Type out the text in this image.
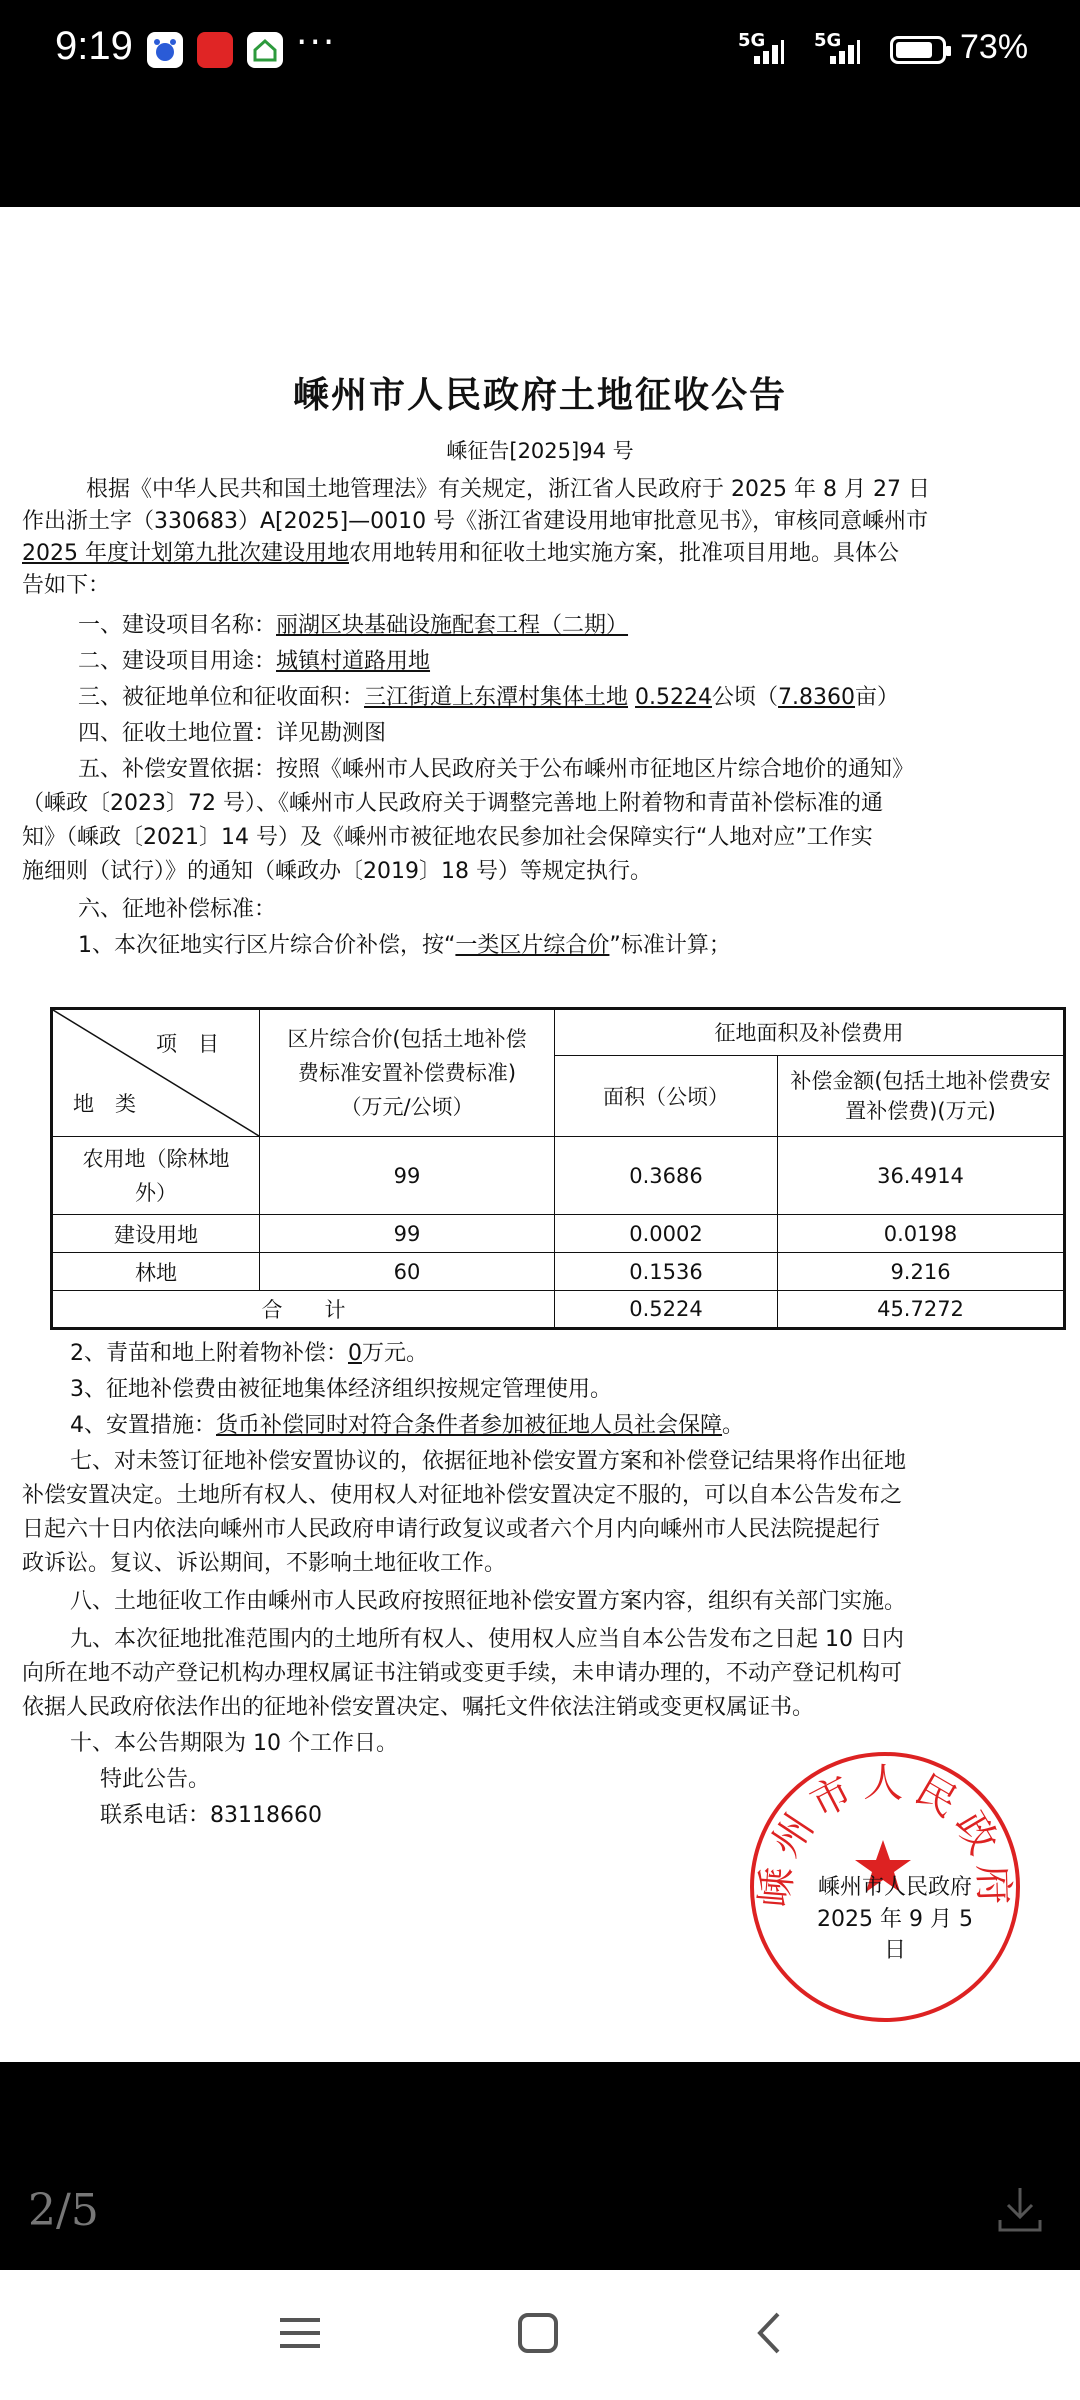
9:19	···	5G	5G	73%
嵊州市人民政府土地征收公告
嵊征告[2025]94 号
根据《中华人民共和国土地管理法》有关规定，浙江省人民政府于 2025 年 8 月 27 日
作出浙土字（330683）A[2025]—0010 号《浙江省建设用地审批意见书》，审核同意嵊州市
2025 年度计划第九批次建设用地农用地转用和征收土地实施方案，批准项目用地。具体公
告如下：
一、建设项目名称：丽湖区块基础设施配套工程（二期）
二、建设项目用途：城镇村道路用地
三、被征地单位和征收面积：三江街道上东潭村集体土地 0.5224公顷（7.8360亩）
四、征收土地位置：详见勘测图
五、补偿安置依据：按照《嵊州市人民政府关于公布嵊州市征地区片综合地价的通知》
（嵊政〔2023〕72 号）、《嵊州市人民政府关于调整完善地上附着物和青苗补偿标准的通
知》（嵊政〔2021〕14 号）及《嵊州市被征地农民参加社会保障实行“人地对应”工作实
施细则（试行）》的通知（嵊政办〔2019〕18 号）等规定执行。
六、征地补偿标准：
1、本次征地实行区片综合价补偿，按“一类区片综合价”标准计算；
项　目
地　类	区片综合价(包括土地补偿费标准安置补偿费标准)（万元/公顷）	征地面积及补偿费用	
		面积（公顷）	补偿金额(包括土地补偿费安置补偿费)(万元)
农用地（除林地外）	99	0.3686	36.4914
建设用地	99	0.0002	0.0198
林地	60	0.1536	9.216
合　　计		0.5224	45.7272
2、青苗和地上附着物补偿：0万元。
3、征地补偿费由被征地集体经济组织按规定管理使用。
4、安置措施：货币补偿同时对符合条件者参加被征地人员社会保障。
七、对未签订征地补偿安置协议的，依据征地补偿安置方案和补偿登记结果将作出征地
补偿安置决定。土地所有权人、使用权人对征地补偿安置决定不服的，可以自本公告发布之
日起六十日内依法向嵊州市人民政府申请行政复议或者六个月内向嵊州市人民法院提起行
政诉讼。复议、诉讼期间，不影响土地征收工作。
八、土地征收工作由嵊州市人民政府按照征地补偿安置方案内容，组织有关部门实施。
九、本次征地批准范围内的土地所有权人、使用权人应当自本公告发布之日起 10 日内
向所在地不动产登记机构办理权属证书注销或变更手续，未申请办理的，不动产登记机构可
依据人民政府依法作出的征地补偿安置决定、嘱托文件依法注销或变更权属证书。
十、本公告期限为 10 个工作日。
特此公告。
联系电话：83118660
嵊州市人民政府
嵊州市人民政府
2025 年 9 月 5 日
2/5
